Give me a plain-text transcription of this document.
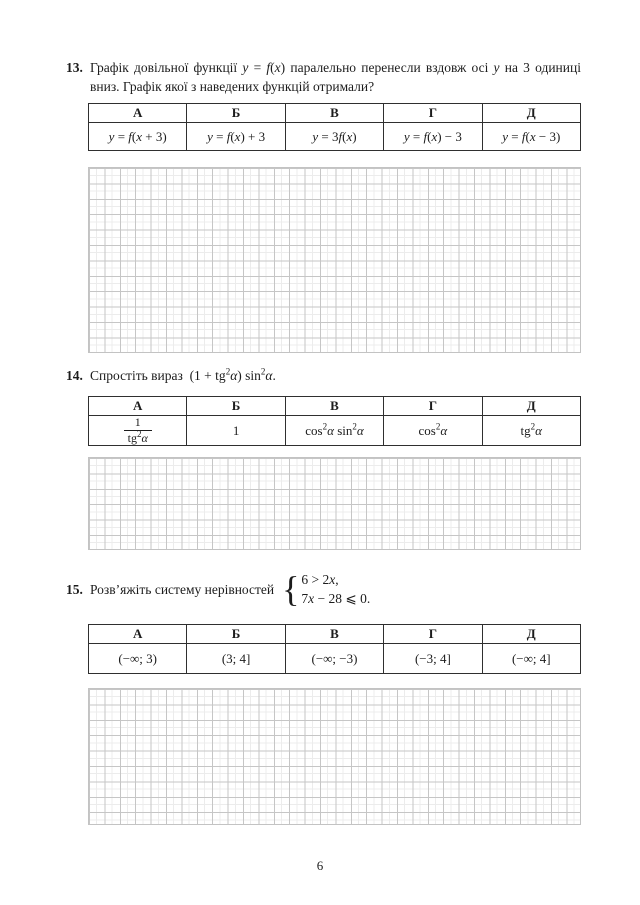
13. Графік довільної функції y = f(x) паралельно перенесли вздовж осі y на 3 одиниці вниз. Графік якої з наведених функцій отримали?
А	Б	В	Г	Д
y = f(x + 3)	y = f(x) + 3	y = 3f(x)	y = f(x) − 3	y = f(x − 3)
14. Спростіть вираз $(1 + tg^2\alpha)$ $\sin^2\alpha$.
А	Б	В	Г	Д

$\frac{1}{tg^2\alpha}$	1	$\cos^2\alpha$ $\sin^2\alpha$	$\cos^2\alpha$	$tg^2\alpha$
15. Розв’яжіть систему нерівностей { 6 > 2x,
7x − 28 ⩽ 0.
А	Б	В	Г	Д
(−∞; 3)	(3; 4]	(−∞; −3)	(−3; 4]	(−∞; 4]
6
